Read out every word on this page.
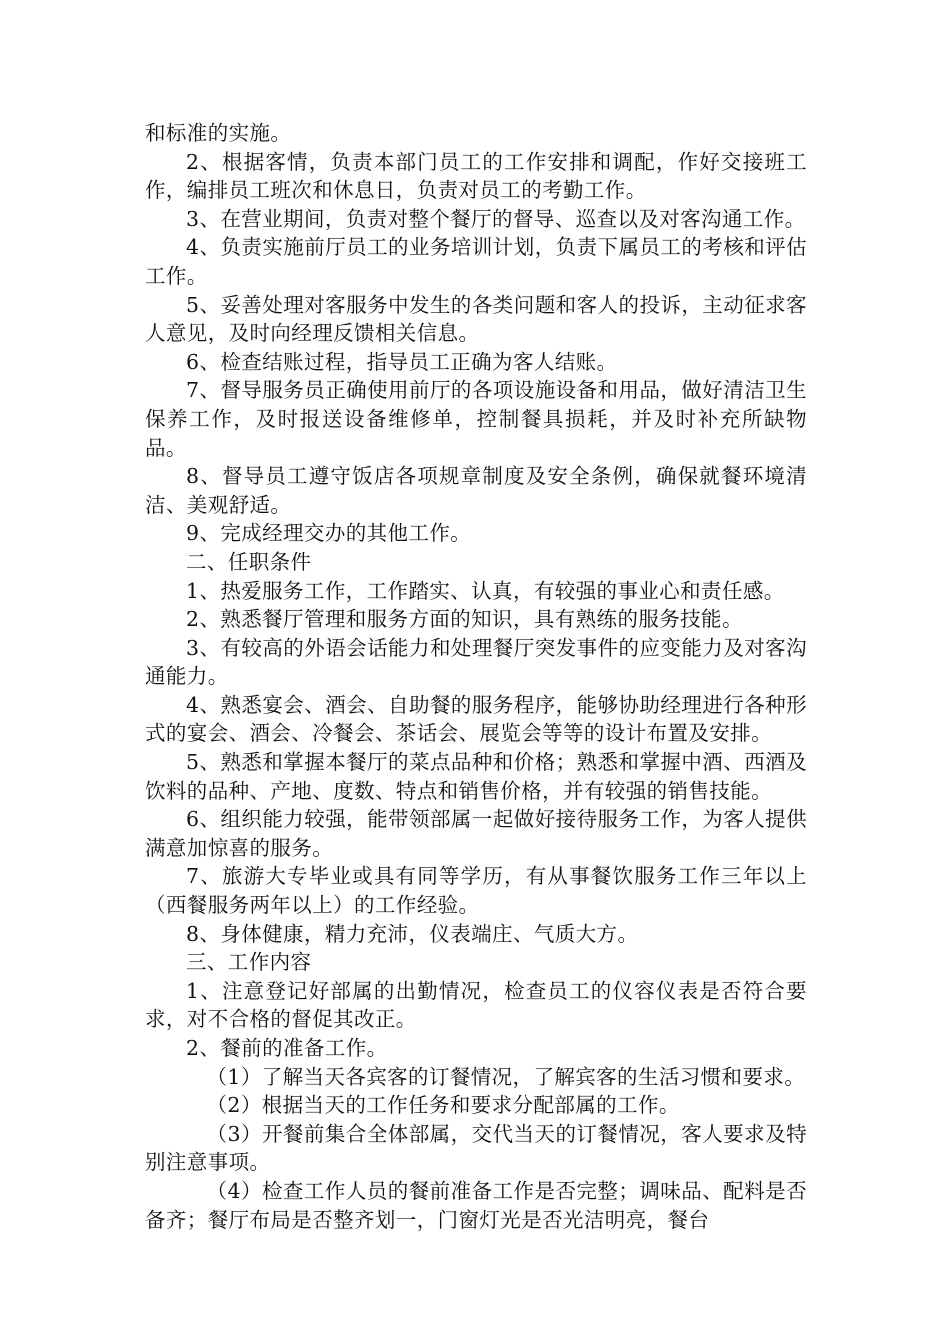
和标准的实施。

2、根据客情，负责本部门员工的工作安排和调配，作好交接班工作，编排员工班次和休息日，负责对员工的考勤工作。

3、在营业期间，负责对整个餐厅的督导、巡查以及对客沟通工作。

4、负责实施前厅员工的业务培训计划，负责下属员工的考核和评估工作。

5、妥善处理对客服务中发生的各类问题和客人的投诉，主动征求客人意见，及时向经理反馈相关信息。

6、检查结账过程，指导员工正确为客人结账。

7、督导服务员正确使用前厅的各项设施设备和用品，做好清洁卫生保养工作，及时报送设备维修单，控制餐具损耗，并及时补充所缺物品。

8、督导员工遵守饭店各项规章制度及安全条例，确保就餐环境清洁、美观舒适。

9、完成经理交办的其他工作。

二、任职条件

1、热爱服务工作，工作踏实、认真，有较强的事业心和责任感。

2、熟悉餐厅管理和服务方面的知识，具有熟练的服务技能。

3、有较高的外语会话能力和处理餐厅突发事件的应变能力及对客沟通能力。

4、熟悉宴会、酒会、自助餐的服务程序，能够协助经理进行各种形式的宴会、酒会、冷餐会、茶话会、展览会等等的设计布置及安排。

5、熟悉和掌握本餐厅的菜点品种和价格；熟悉和掌握中酒、西酒及饮料的品种、产地、度数、特点和销售价格，并有较强的销售技能。

6、组织能力较强，能带领部属一起做好接待服务工作，为客人提供满意加惊喜的服务。

7、旅游大专毕业或具有同等学历，有从事餐饮服务工作三年以上（西餐服务两年以上）的工作经验。

8、身体健康，精力充沛，仪表端庄、气质大方。

三、工作内容

1、注意登记好部属的出勤情况，检查员工的仪容仪表是否符合要求，对不合格的督促其改正。

2、餐前的准备工作。

（1）了解当天各宾客的订餐情况，了解宾客的生活习惯和要求。

（2）根据当天的工作任务和要求分配部属的工作。

（3）开餐前集合全体部属，交代当天的订餐情况，客人要求及特别注意事项。

（4）检查工作人员的餐前准备工作是否完整；调味品、配料是否备齐；餐厅布局是否整齐划一，门窗灯光是否光洁明亮，餐台
